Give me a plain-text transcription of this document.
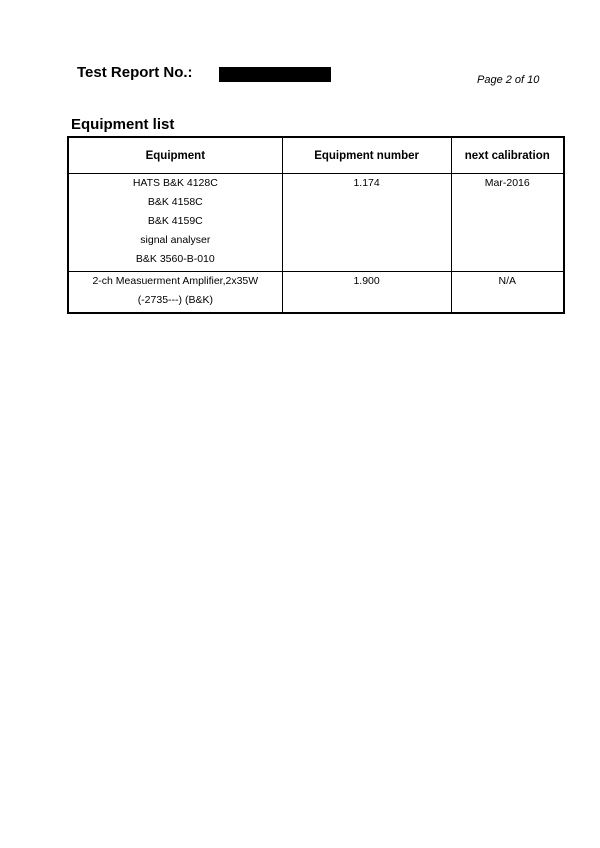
Test Report No.:	Page 2 of 10
Equipment list
Equipment	Equipment number	next calibration

HATS B&K 4128C
B&K 4158C
B&K 4159C
signal analyser
B&K 3560-B-010	1.174	Mar-2016

2-ch Measuerment Amplifier,2x35W
(-2735---) (B&K)	1.900	N/A
